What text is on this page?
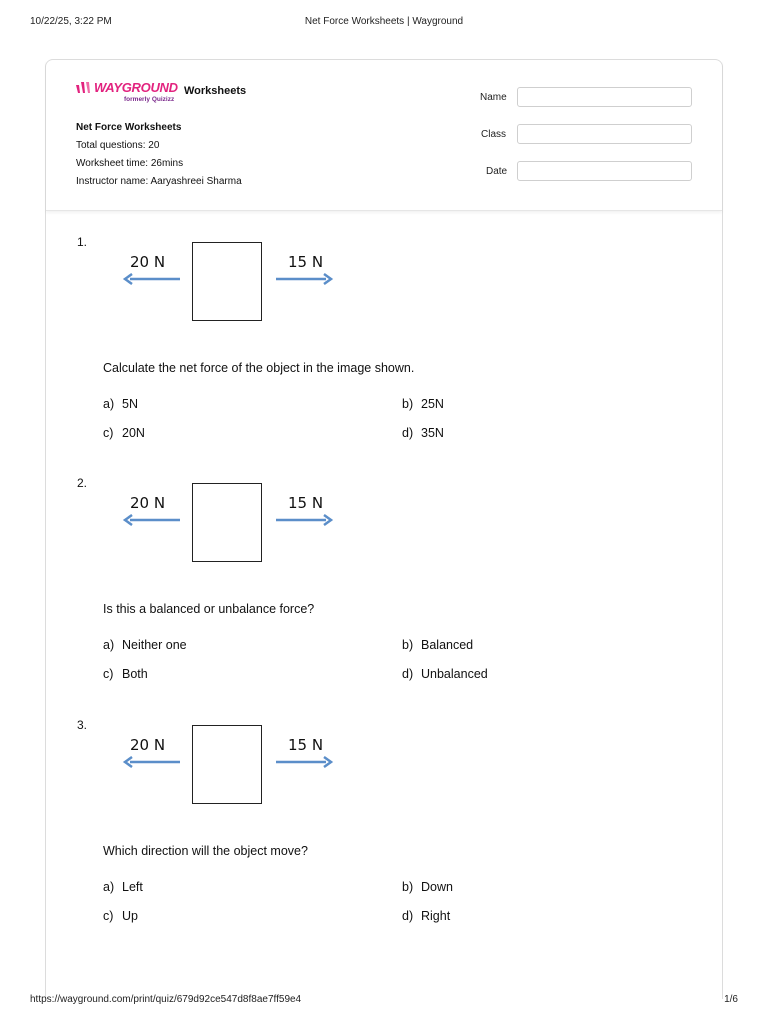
10/22/25, 3:22 PM	Net Force Worksheets | Wayground
WAYGROUND
formerly Quizizz
Worksheets
Net Force Worksheets
Total questions: 20
Worksheet time: 26mins
Instructor name: Aaryashreei Sharma
Name
Class
Date
1.
20 N	15 N
Calculate the net force of the object in the image shown.
a) 5N	b) 25N
c) 20N	d) 35N
2.
20 N	15 N
Is this a balanced or unbalance force?
a) Neither one	b) Balanced
c) Both	d) Unbalanced
3.
20 N	15 N
Which direction will the object move?
a) Left	b) Down
c) Up	d) Right
https://wayground.com/print/quiz/679d92ce547d8f8ae7ff59e4	1/6
